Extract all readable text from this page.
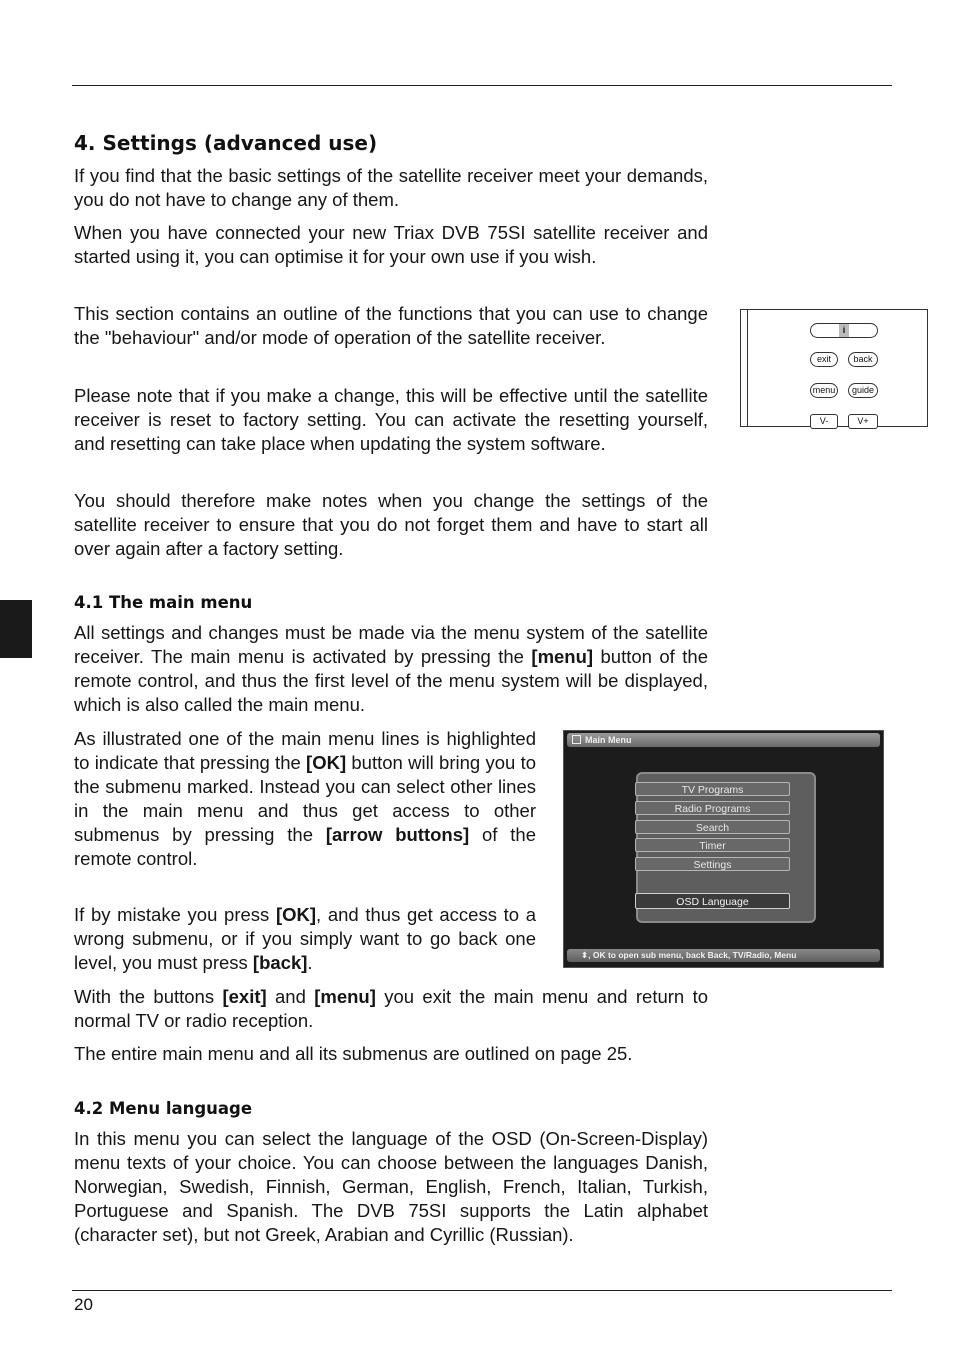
4. Settings (advanced use)

If you find that the basic settings of the satellite receiver meet your demands, you do not have to change any of them.

When you have connected your new Triax DVB 75SI satellite receiver and started using it, you can optimise it for your own use if you wish.

This section contains an outline of the functions that you can use to change the "behaviour" and/or mode of operation of the satellite receiver.

Please note that if you make a change, this will be effective until the satellite receiver is reset to factory setting. You can activate the resetting yourself, and resetting can take place when updating the system software.

You should therefore make notes when you change the settings of the satellite receiver to ensure that you do not forget them and have to start all over again after a factory setting.

i
exit	back
menu	guide
V-	V+
4.1 The main menu

All settings and changes must be made via the menu system of the satellite receiver. The main menu is activated by pressing the [menu] button of the remote control, and thus the first level of the menu system will be displayed, which is also called the main menu.

As illustrated one of the main menu lines is highlighted to indicate that pressing the [OK] button will bring you to the submenu marked. Instead you can select other lines in the main menu and thus get access to other submenus by pressing the [arrow buttons] of the remote control.

If by mistake you press [OK], and thus get access to a wrong submenu, or if you simply want to go back one level, you must press [back].

Main Menu
TV Programs
Radio Programs
Search
Timer
Settings
OSD Language
⬍, OK to open sub menu, back Back, TV/Radio, Menu

With the buttons [exit] and [menu] you exit the main menu and return to normal TV or radio reception.

The entire main menu and all its submenus are outlined on page 25.

4.2 Menu language

In this menu you can select the language of the OSD (On-Screen-Display) menu texts of your choice. You can choose between the languages Danish, Norwegian, Swedish, Finnish, German, English, French, Italian, Turkish, Portuguese and Spanish. The DVB 75SI supports the Latin alphabet (character set), but not Greek, Arabian and Cyrillic (Russian).

20
